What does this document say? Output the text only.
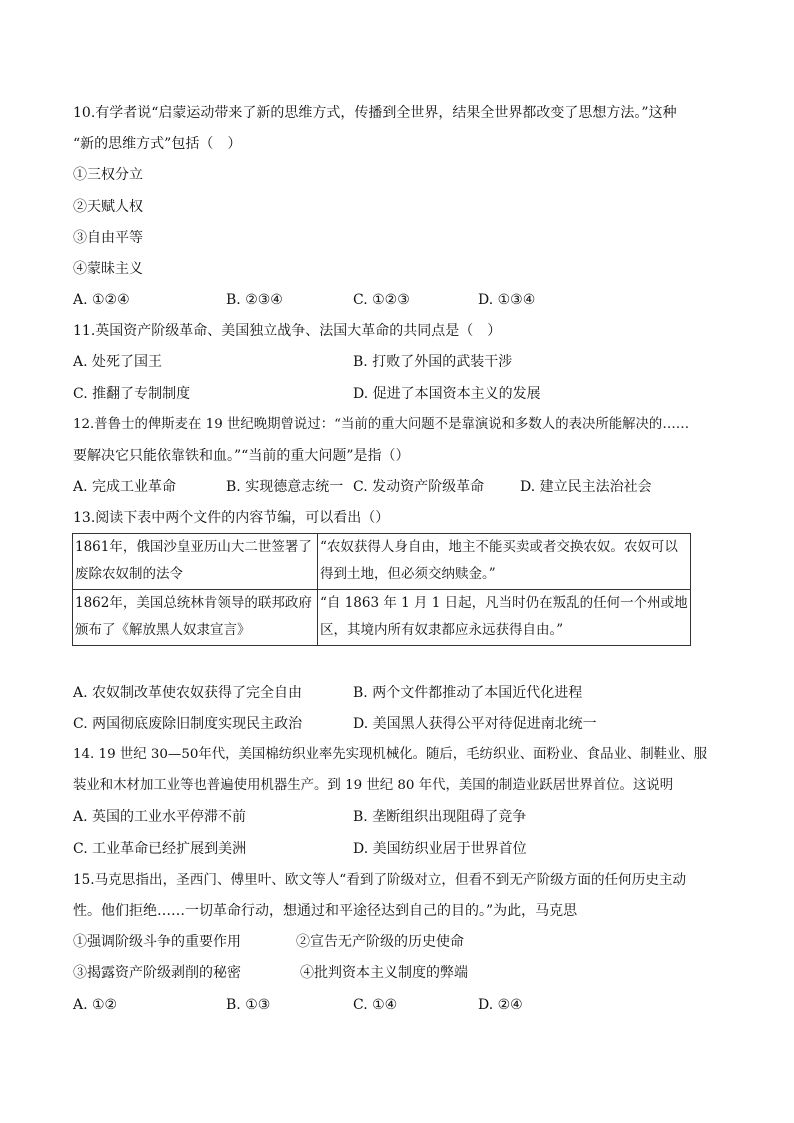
10.有学者说“启蒙运动带来了新的思维方式，传播到全世界，结果全世界都改变了思想方法。”这种
“新的思维方式”包括（　）
①三权分立
②天赋人权
③自由平等
④蒙昧主义
A. ①②④	B. ②③④	C. ①②③	D. ①③④
11.英国资产阶级革命、美国独立战争、法国大革命的共同点是（　）
A. 处死了国王	B. 打败了外国的武装干涉
C. 推翻了专制制度	D. 促进了本国资本主义的发展
12.普鲁士的俾斯麦在 19 世纪晚期曾说过：“当前的重大问题不是靠演说和多数人的表决所能解决的……
要解决它只能依靠铁和血。”“当前的重大问题”是指（）
A. 完成工业革命	B. 实现德意志统一 C. 发动资产阶级革命	D. 建立民主法治社会
13.阅读下表中两个文件的内容节编，可以看出（）
1861年，俄国沙皇亚历山大二世签署了废除农奴制的法令	“农奴获得人身自由，地主不能买卖或者交换农奴。农奴可以得到土地，但必须交纳赎金。”
1862年，美国总统林肯领导的联邦政府颁布了《解放黑人奴隶宣言》	“自 1863 年 1 月 1 日起，凡当时仍在叛乱的任何一个州或地区，其境内所有奴隶都应永远获得自由。”
A. 农奴制改革使农奴获得了完全自由	B. 两个文件都推动了本国近代化进程
C. 两国彻底废除旧制度实现民主政治	D. 美国黑人获得公平对待促进南北统一
14. 19 世纪 30—50年代，美国棉纺织业率先实现机械化。随后，毛纺织业、面粉业、食品业、制鞋业、服
装业和木材加工业等也普遍使用机器生产。到 19 世纪 80 年代，美国的制造业跃居世界首位。这说明
A. 英国的工业水平停滞不前	B. 垄断组织出现阻碍了竞争
C. 工业革命已经扩展到美洲	D. 美国纺织业居于世界首位
15.马克思指出，圣西门、傅里叶、欧文等人“看到了阶级对立，但看不到无产阶级方面的任何历史主动
性。他们拒绝……一切革命行动，想通过和平途径达到自己的目的。”为此，马克思
①强调阶级斗争的重要作用	②宣告无产阶级的历史使命
③揭露资产阶级剥削的秘密	④批判资本主义制度的弊端
A. ①②	B. ①③	C. ①④	D. ②④
